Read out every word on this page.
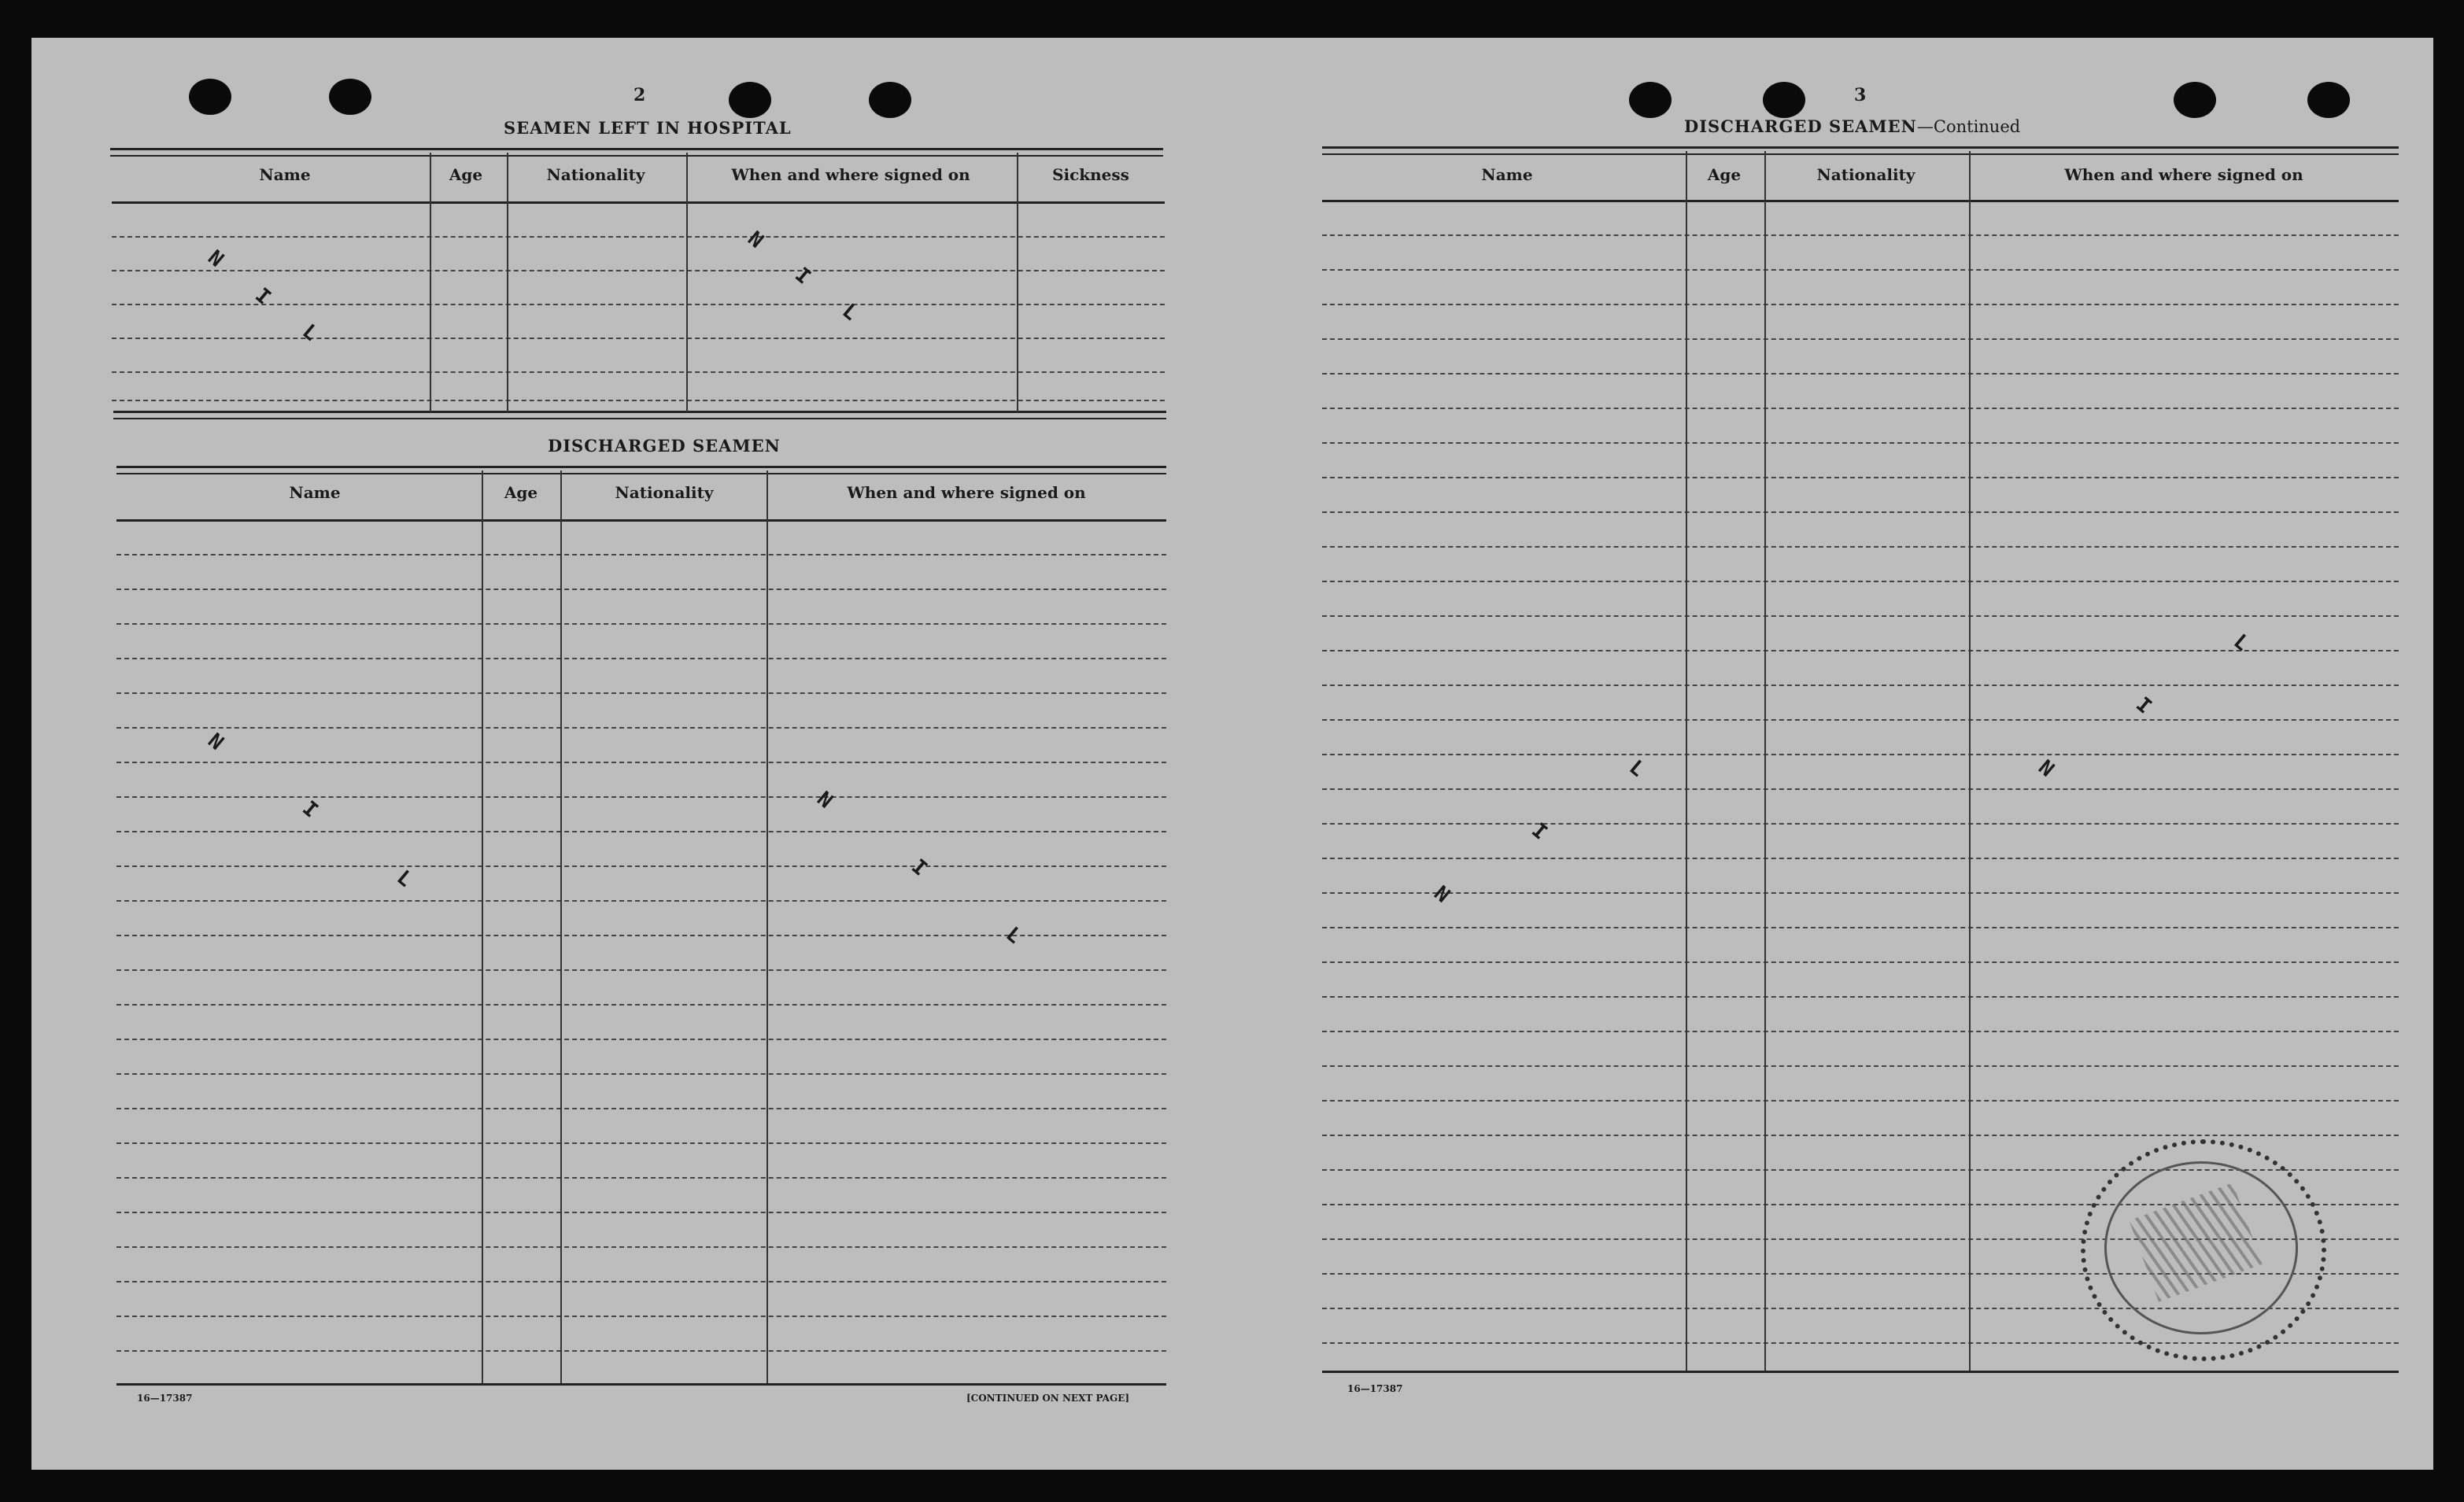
2
SEAMEN LEFT IN HOSPITAL
Name	Age	Nationality	When and where signed on	Sickness
N
I
L
N
I
L
DISCHARGED SEAMEN
Name	Age	Nationality	When and where signed on
N
I
L
N
I
L
16—17387	[CONTINUED ON NEXT PAGE]
3
DISCHARGED SEAMEN—Continued
Name	Age	Nationality	When and where signed on
N
I
L	N
I
L
16—17387
